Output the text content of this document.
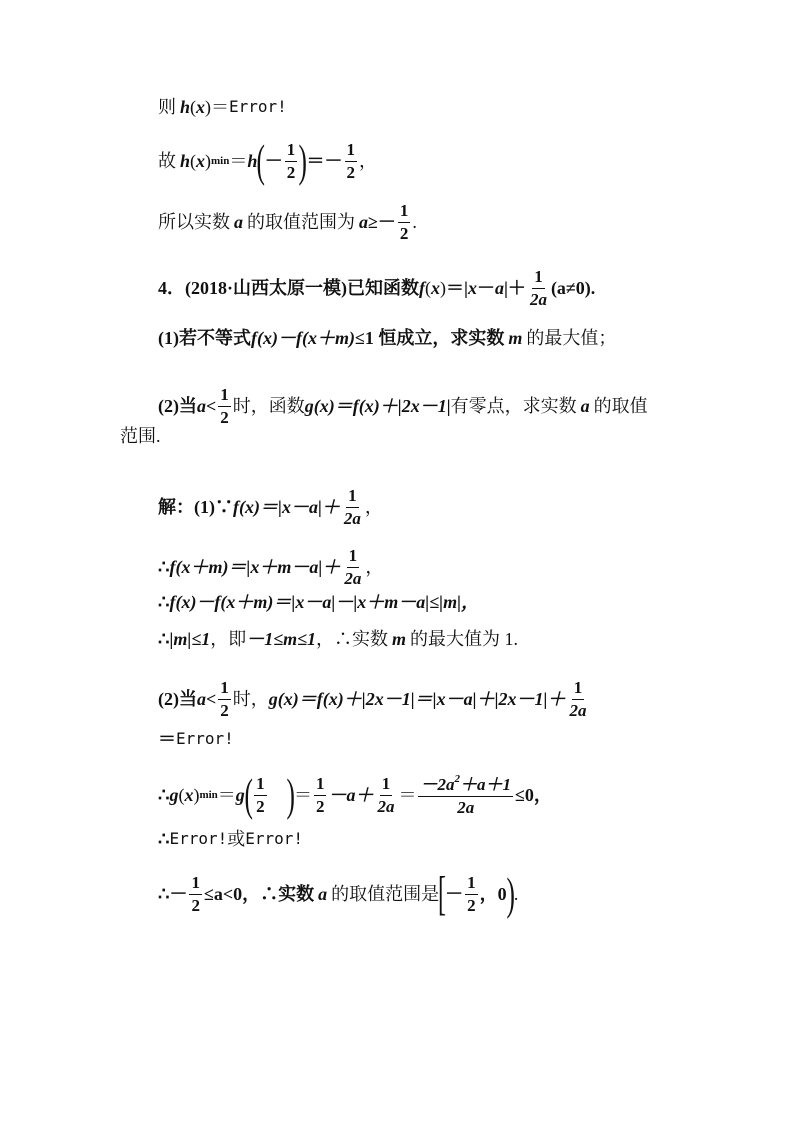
则 h ( x ) ＝ Error!
故 h ( x ) min ＝ h ( － $\frac{1}{2}$ ) ＝－ $\frac{1}{2}$ ，
所以实数 a 的取值范围为 $a \ge- \frac{1}{2}$ .
4．(2018·山西太原一模)已知函数 f ( x ) ＝| x － a |＋ $\frac{1}{2a} (a\ne 0)$.
(1)若不等式 f(x)－f(x＋m) ≤1 恒成立，求实数 m 的最大值；
(2)当 $a < \frac{1}{2}$ 时，函数 g(x)＝f(x)＋|2x－1| 有零点，求实数 a 的取值
范围.
解：(1)∵ $f(x)=|x-a|+ \frac{1}{2a}$ ，
∴ $f(x+m)=|x+m-a|+ \frac{1}{2a}$ ，
∴ f(x)－f(x＋m)＝|x－a|－|x＋m－a|≤|m|，
∴ |m|≤1 ，即 －1≤m≤1 ，∴实数 m 的最大值为 1.
(2)当 $a < \frac{1}{2}$ 时， $g(x)=f(x)+|2x-1|=|x-a|+|2x-1|+ \frac{1}{2a}$
＝ Error!
∴ g ( x ) min ＝ g ( $\frac{1}{2}$ ) ＝ $\frac{1}{2} -a+ \frac{1}{2a} = \frac{-2a^2+a+1}{2a} \le 0$，
∴ Error! 或 Error!
∴－ $\frac{1}{2} \le a<0$，∴实数 a 的取值范围是
[
－ $\frac{1}{2}$ ， 0 ) .
